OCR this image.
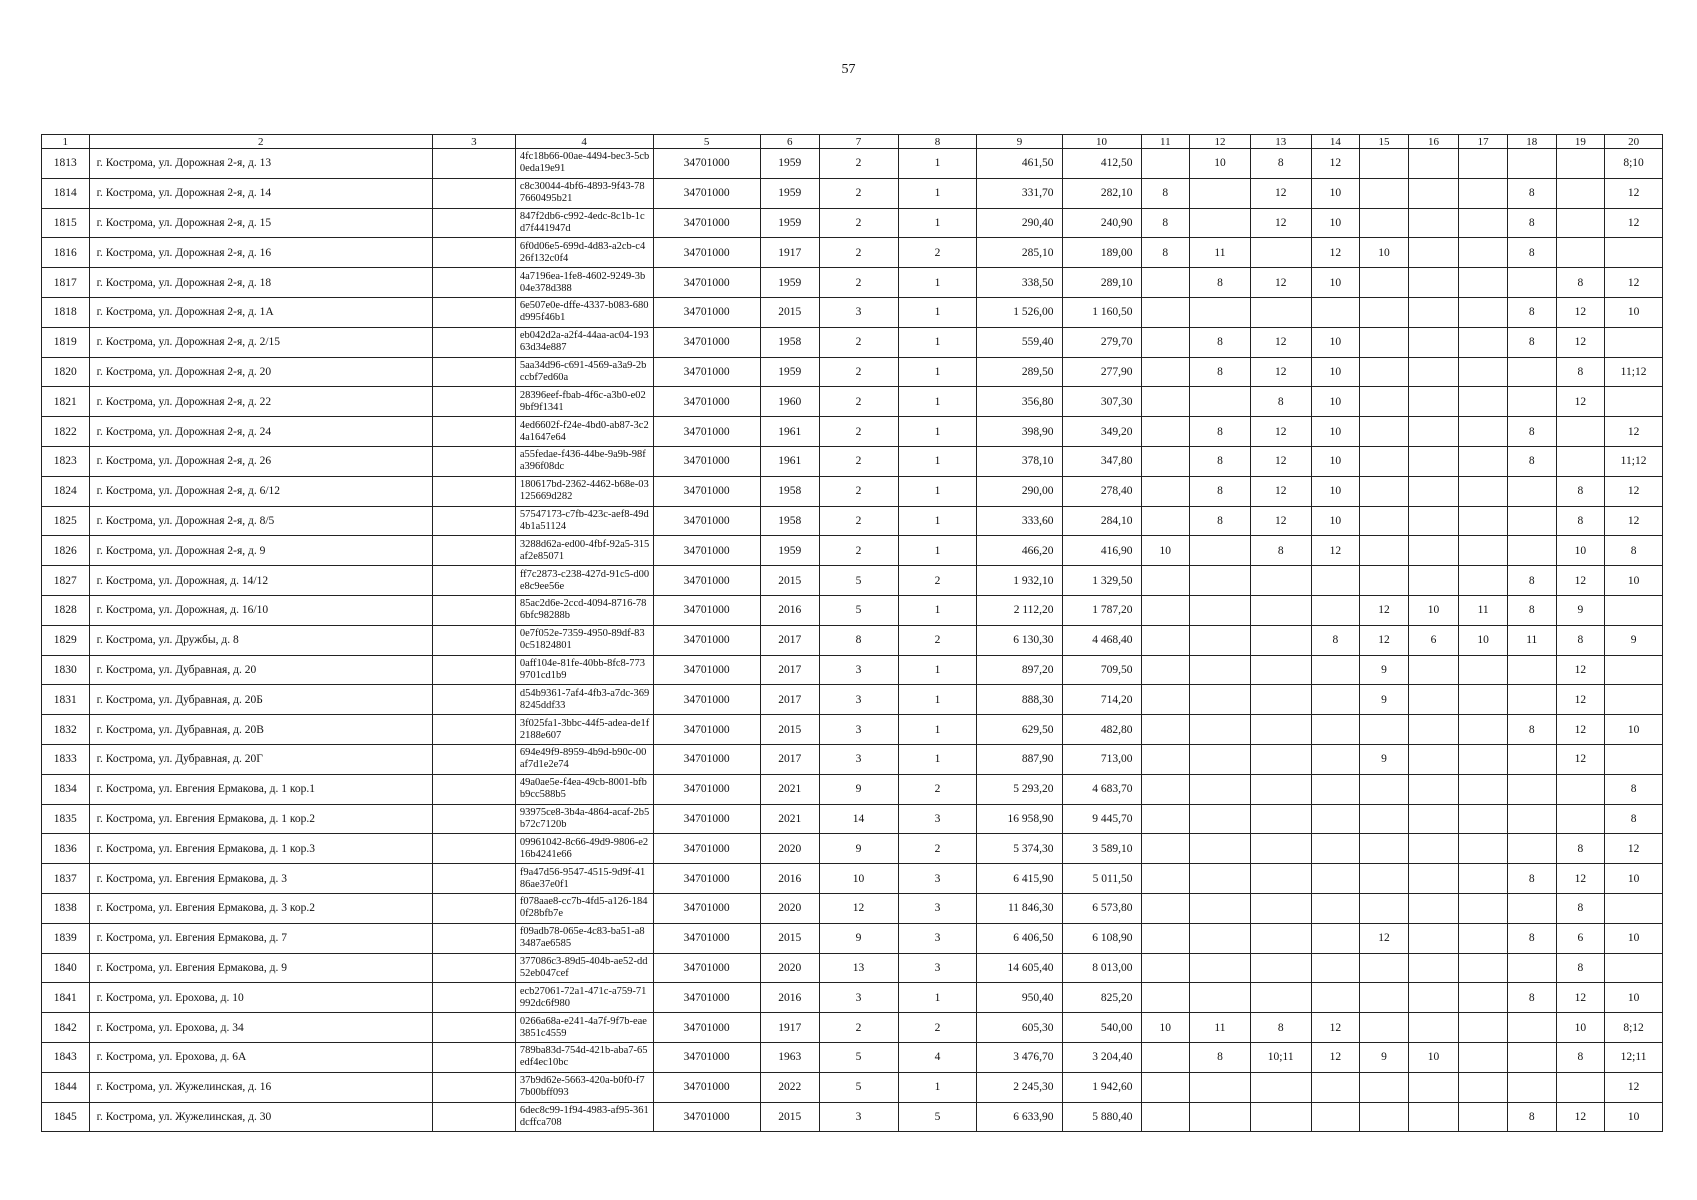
57
1	2	3	4	5	6	7	8	9	10	11	12	13	14	15	16	17	18	19	20
1813	г. Кострома, ул. Дорожная 2-я, д. 13		4fc18b66-00ae-4494-bec3-5cb0eda19e91	34701000	1959	2	1	461,50	412,50		10	8	12						8;10
1814	г. Кострома, ул. Дорожная 2-я, д. 14		c8c30044-4bf6-4893-9f43-787660495b21	34701000	1959	2	1	331,70	282,10	8		12	10				8		12
1815	г. Кострома, ул. Дорожная 2-я, д. 15		847f2db6-c992-4edc-8c1b-1cd7f441947d	34701000	1959	2	1	290,40	240,90	8		12	10				8		12
1816	г. Кострома, ул. Дорожная 2-я, д. 16		6f0d06e5-699d-4d83-a2cb-c426f132c0f4	34701000	1917	2	2	285,10	189,00	8	11		12	10			8		
1817	г. Кострома, ул. Дорожная 2-я, д. 18		4a7196ea-1fe8-4602-9249-3b04e378d388	34701000	1959	2	1	338,50	289,10		8	12	10					8	12
1818	г. Кострома, ул. Дорожная 2-я, д. 1А		6e507e0e-dffe-4337-b083-680d995f46b1	34701000	2015	3	1	1 526,00	1 160,50								8	12	10
1819	г. Кострома, ул. Дорожная 2-я, д. 2/15		eb042d2a-a2f4-44aa-ac04-19363d34e887	34701000	1958	2	1	559,40	279,70		8	12	10				8	12	
1820	г. Кострома, ул. Дорожная 2-я, д. 20		5aa34d96-c691-4569-a3a9-2bccbf7ed60a	34701000	1959	2	1	289,50	277,90		8	12	10					8	11;12
1821	г. Кострома, ул. Дорожная 2-я, д. 22		28396eef-fbab-4f6c-a3b0-e029bf9f1341	34701000	1960	2	1	356,80	307,30			8	10					12	
1822	г. Кострома, ул. Дорожная 2-я, д. 24		4ed6602f-f24e-4bd0-ab87-3c24a1647e64	34701000	1961	2	1	398,90	349,20		8	12	10				8		12
1823	г. Кострома, ул. Дорожная 2-я, д. 26		a55fedae-f436-44be-9a9b-98fa396f08dc	34701000	1961	2	1	378,10	347,80		8	12	10				8		11;12
1824	г. Кострома, ул. Дорожная 2-я, д. 6/12		180617bd-2362-4462-b68e-03125669d282	34701000	1958	2	1	290,00	278,40		8	12	10					8	12
1825	г. Кострома, ул. Дорожная 2-я, д. 8/5		57547173-c7fb-423c-aef8-49d4b1a51124	34701000	1958	2	1	333,60	284,10		8	12	10					8	12
1826	г. Кострома, ул. Дорожная 2-я, д. 9		3288d62a-ed00-4fbf-92a5-315af2e85071	34701000	1959	2	1	466,20	416,90	10		8	12					10	8
1827	г. Кострома, ул. Дорожная, д. 14/12		ff7c2873-c238-427d-91c5-d00e8c9ee56e	34701000	2015	5	2	1 932,10	1 329,50								8	12	10
1828	г. Кострома, ул. Дорожная, д. 16/10		85ac2d6e-2ccd-4094-8716-786bfc98288b	34701000	2016	5	1	2 112,20	1 787,20					12	10	11	8	9	
1829	г. Кострома, ул. Дружбы, д. 8		0e7f052e-7359-4950-89df-830c51824801	34701000	2017	8	2	6 130,30	4 468,40				8	12	6	10	11	8	9
1830	г. Кострома, ул. Дубравная, д. 20		0aff104e-81fe-40bb-8fc8-7739701cd1b9	34701000	2017	3	1	897,20	709,50					9				12	
1831	г. Кострома, ул. Дубравная, д. 20Б		d54b9361-7af4-4fb3-a7dc-3698245ddf33	34701000	2017	3	1	888,30	714,20					9				12	
1832	г. Кострома, ул. Дубравная, д. 20В		3f025fa1-3bbc-44f5-adea-de1f2188e607	34701000	2015	3	1	629,50	482,80								8	12	10
1833	г. Кострома, ул. Дубравная, д. 20Г		694e49f9-8959-4b9d-b90c-00af7d1e2e74	34701000	2017	3	1	887,90	713,00					9				12	
1834	г. Кострома, ул. Евгения Ермакова, д. 1 кор.1		49a0ae5e-f4ea-49cb-8001-bfbb9cc588b5	34701000	2021	9	2	5 293,20	4 683,70										8
1835	г. Кострома, ул. Евгения Ермакова, д. 1 кор.2		93975ce8-3b4a-4864-acaf-2b5b72c7120b	34701000	2021	14	3	16 958,90	9 445,70										8
1836	г. Кострома, ул. Евгения Ермакова, д. 1 кор.3		09961042-8c66-49d9-9806-e216b4241e66	34701000	2020	9	2	5 374,30	3 589,10									8	12
1837	г. Кострома, ул. Евгения Ермакова, д. 3		f9a47d56-9547-4515-9d9f-4186ae37e0f1	34701000	2016	10	3	6 415,90	5 011,50								8	12	10
1838	г. Кострома, ул. Евгения Ермакова, д. 3 кор.2		f078aae8-cc7b-4fd5-a126-1840f28bfb7e	34701000	2020	12	3	11 846,30	6 573,80									8	
1839	г. Кострома, ул. Евгения Ермакова, д. 7		f09adb78-065e-4c83-ba51-a83487ae6585	34701000	2015	9	3	6 406,50	6 108,90					12			8	6	10
1840	г. Кострома, ул. Евгения Ермакова, д. 9		377086c3-89d5-404b-ae52-dd52eb047cef	34701000	2020	13	3	14 605,40	8 013,00									8	
1841	г. Кострома, ул. Ерохова, д. 10		ecb27061-72a1-471c-a759-71992dc6f980	34701000	2016	3	1	950,40	825,20								8	12	10
1842	г. Кострома, ул. Ерохова, д. 34		0266a68a-e241-4a7f-9f7b-eae3851c4559	34701000	1917	2	2	605,30	540,00	10	11	8	12					10	8;12
1843	г. Кострома, ул. Ерохова, д. 6А		789ba83d-754d-421b-aba7-65edf4ec10bc	34701000	1963	5	4	3 476,70	3 204,40		8	10;11	12	9	10			8	12;11
1844	г. Кострома, ул. Жужелинская, д. 16		37b9d62e-5663-420a-b0f0-f77b00bff093	34701000	2022	5	1	2 245,30	1 942,60										12
1845	г. Кострома, ул. Жужелинская, д. 30		6dec8c99-1f94-4983-af95-361dcffca708	34701000	2015	3	5	6 633,90	5 880,40								8	12	10
